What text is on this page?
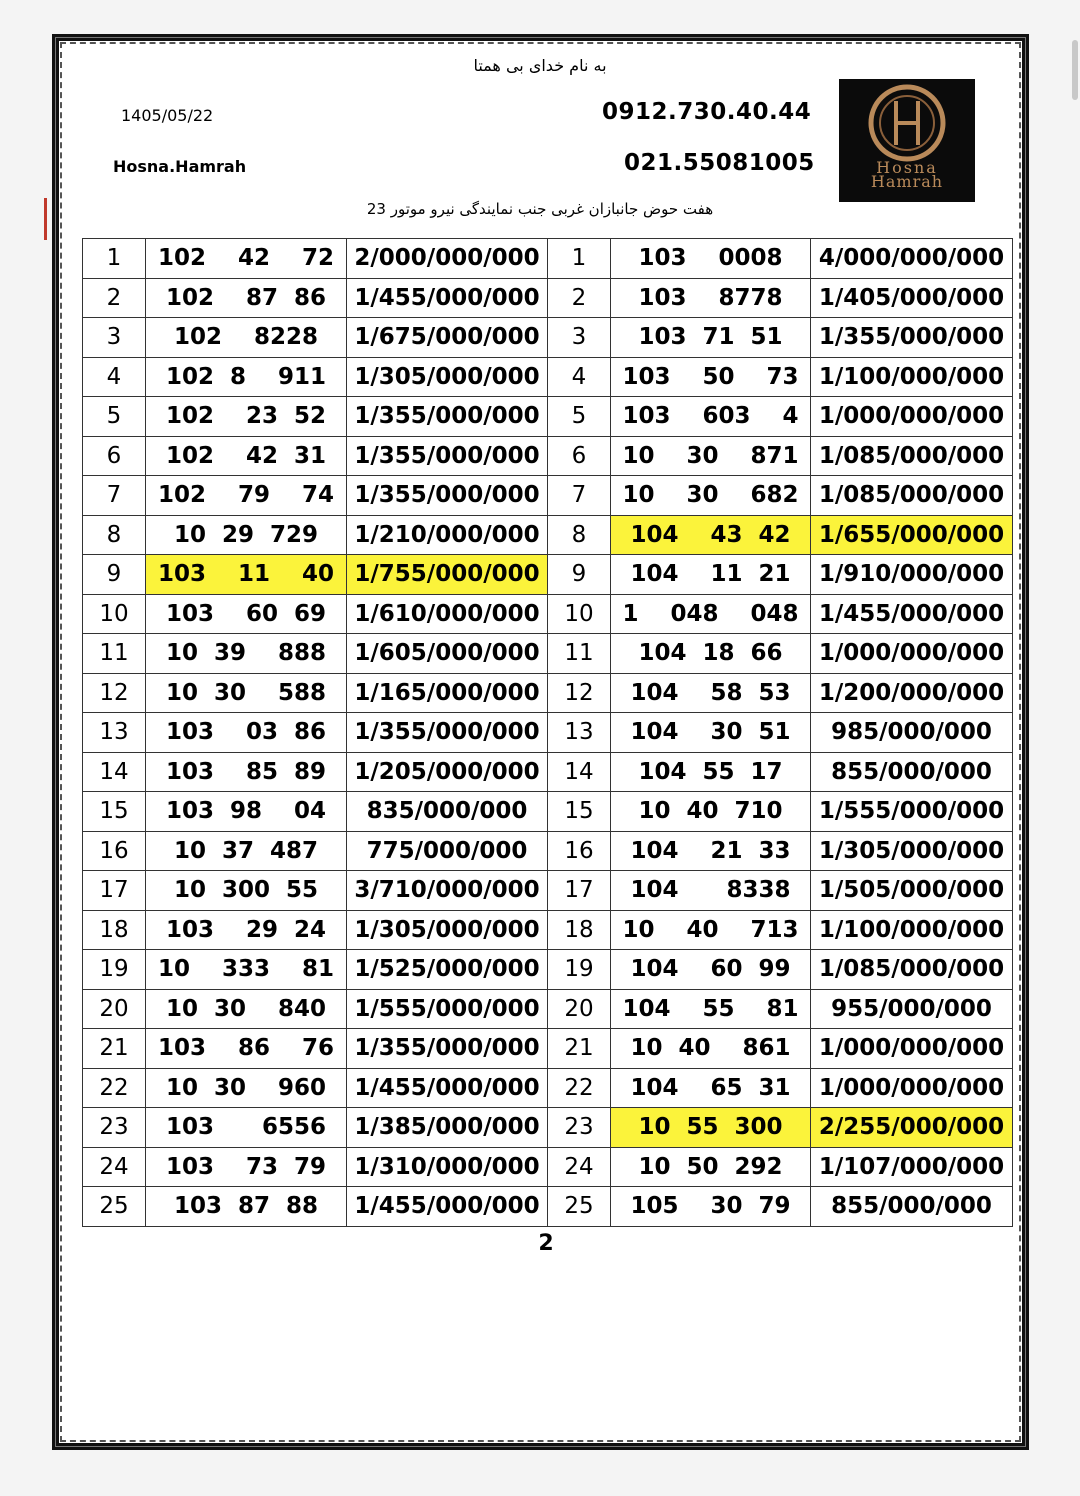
به نام خدای بی همتا
1405/05/22
Hosna.Hamrah
0912.730.40.44
021.55081005
هفت حوض جانبازان غربی جنب نمایندگی نیرو موتور 23
Hosna
Hamrah
1	102  42  72	2/000/000/000	1	103  0008	4/000/000/000
2	102  87 86	1/455/000/000	2	103  8778	1/405/000/000
3	102  8228	1/675/000/000	3	103 71 51	1/355/000/000
4	102 8  911	1/305/000/000	4	103  50  73	1/100/000/000
5	102  23 52	1/355/000/000	5	103  603  4	1/000/000/000
6	102  42 31	1/355/000/000	6	10  30  871	1/085/000/000
7	102  79  74	1/355/000/000	7	10  30  682	1/085/000/000
8	10 29 729	1/210/000/000	8	104  43 42	1/655/000/000
9	103  11  40	1/755/000/000	9	104  11 21	1/910/000/000
10	103  60 69	1/610/000/000	10	1  048  048	1/455/000/000
11	10 39  888	1/605/000/000	11	104 18 66	1/000/000/000
12	10 30  588	1/165/000/000	12	104  58 53	1/200/000/000
13	103  03 86	1/355/000/000	13	104  30 51	985/000/000
14	103  85 89	1/205/000/000	14	104 55 17	855/000/000
15	103 98  04	835/000/000	15	10 40 710	1/555/000/000
16	10 37 487	775/000/000	16	104  21 33	1/305/000/000
17	10 300 55	3/710/000/000	17	104   8338	1/505/000/000
18	103  29 24	1/305/000/000	18	10  40  713	1/100/000/000
19	10  333  81	1/525/000/000	19	104  60 99	1/085/000/000
20	10 30  840	1/555/000/000	20	104  55  81	955/000/000
21	103  86  76	1/355/000/000	21	10 40  861	1/000/000/000
22	10 30  960	1/455/000/000	22	104  65 31	1/000/000/000
23	103   6556	1/385/000/000	23	10 55 300	2/255/000/000
24	103  73 79	1/310/000/000	24	10 50 292	1/107/000/000
25	103 87 88	1/455/000/000	25	105  30 79	855/000/000
2
